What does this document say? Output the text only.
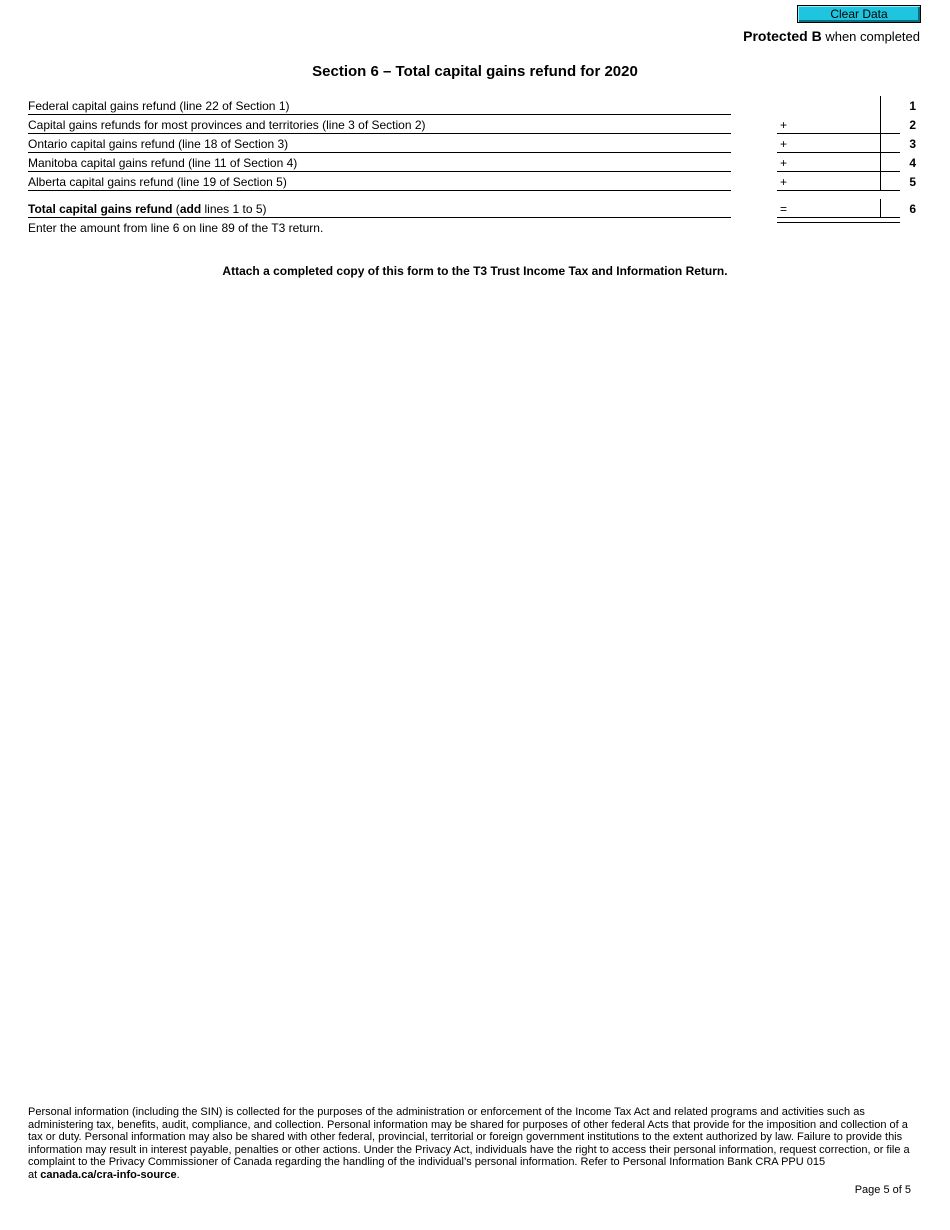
Clear Data
Protected B when completed
Section 6 – Total capital gains refund for 2020
Federal capital gains refund (line 22 of Section 1)	1
Capital gains refunds for most provinces and territories (line 3 of Section 2)	+	2
Ontario capital gains refund (line 18 of Section 3)	+	3
Manitoba capital gains refund (line 11 of Section 4)	+	4
Alberta capital gains refund (line 19 of Section 5)	+	5
Total capital gains refund (add lines 1 to 5)	=	6
Enter the amount from line 6 on line 89 of the T3 return.
Attach a completed copy of this form to the T3 Trust Income Tax and Information Return.
Personal information (including the SIN) is collected for the purposes of the administration or enforcement of the Income Tax Act and related programs and activities such as administering tax, benefits, audit, compliance, and collection. Personal information may be shared for purposes of other federal Acts that provide for the imposition and collection of a tax or duty. Personal information may also be shared with other federal, provincial, territorial or foreign government institutions to the extent authorized by law. Failure to provide this information may result in interest payable, penalties or other actions. Under the Privacy Act, individuals have the right to access their personal information, request correction, or file a complaint to the Privacy Commissioner of Canada regarding the handling of the individual’s personal information. Refer to Personal Information Bank CRA PPU 015
at canada.ca/cra-info-source.
Page 5 of 5
